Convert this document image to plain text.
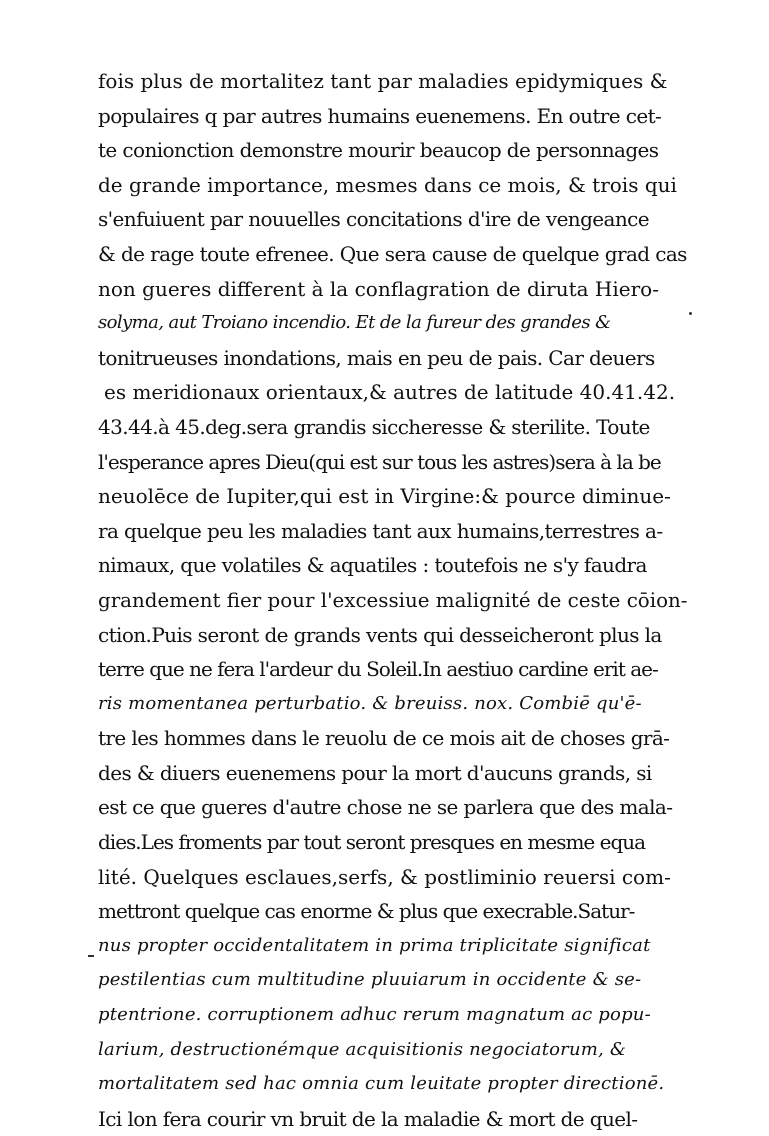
fois plus de mortalitez tant par maladies epidymiques &
populaires q par autres humains euenemens. En outre cet-
te conionction demonstre mourir beaucop de personnages
de grande importance, mesmes dans ce mois, & trois qui
s'enfuiuent par nouuelles concitations d'ire de vengeance
& de rage toute efrenee. Que sera cause de quelque grad cas
non gueres different à la conflagration de diruta Hiero-
solyma, aut Troiano incendio. Et de la fureur des grandes &
tonitrueuses inondations, mais en peu de pais. Car deuers
es meridionaux orientaux,& autres de latitude 40.41.42.
43.44.à 45.deg.sera grandis siccheresse & sterilite. Toute
l'esperance apres Dieu(qui est sur tous les astres)sera à la be
neuolēce de Iupiter,qui est in Virgine:& pource diminue-
ra quelque peu les maladies tant aux humains,terrestres a-
nimaux, que volatiles & aquatiles : toutefois ne s'y faudra
grandement fier pour l'excessiue malignité de ceste cōion-
ction.Puis seront de grands vents qui desseicheront plus la
terre que ne fera l'ardeur du Soleil.In aestiuo cardine erit ae-
ris momentanea perturbatio. & breuiss. nox. Combiē qu'ē-
tre les hommes dans le reuolu de ce mois ait de choses grā-
des & diuers euenemens pour la mort d'aucuns grands, si
est ce que gueres d'autre chose ne se parlera que des mala-
dies.Les froments par tout seront presques en mesme equa
lité. Quelques esclaues,serfs, & postliminio reuersi com-
mettront quelque cas enorme & plus que execrable.Satur-
nus propter occidentalitatem in prima triplicitate significat
pestilentias cum multitudine pluuiarum in occidente & se-
ptentrione. corruptionem adhuc rerum magnatum ac popu-
larium, destructionémque acquisitionis negociatorum, &
mortalitatem sed hac omnia cum leuitate propter directionē.
Ici lon fera courir vn bruit de la maladie & mort de quel-
